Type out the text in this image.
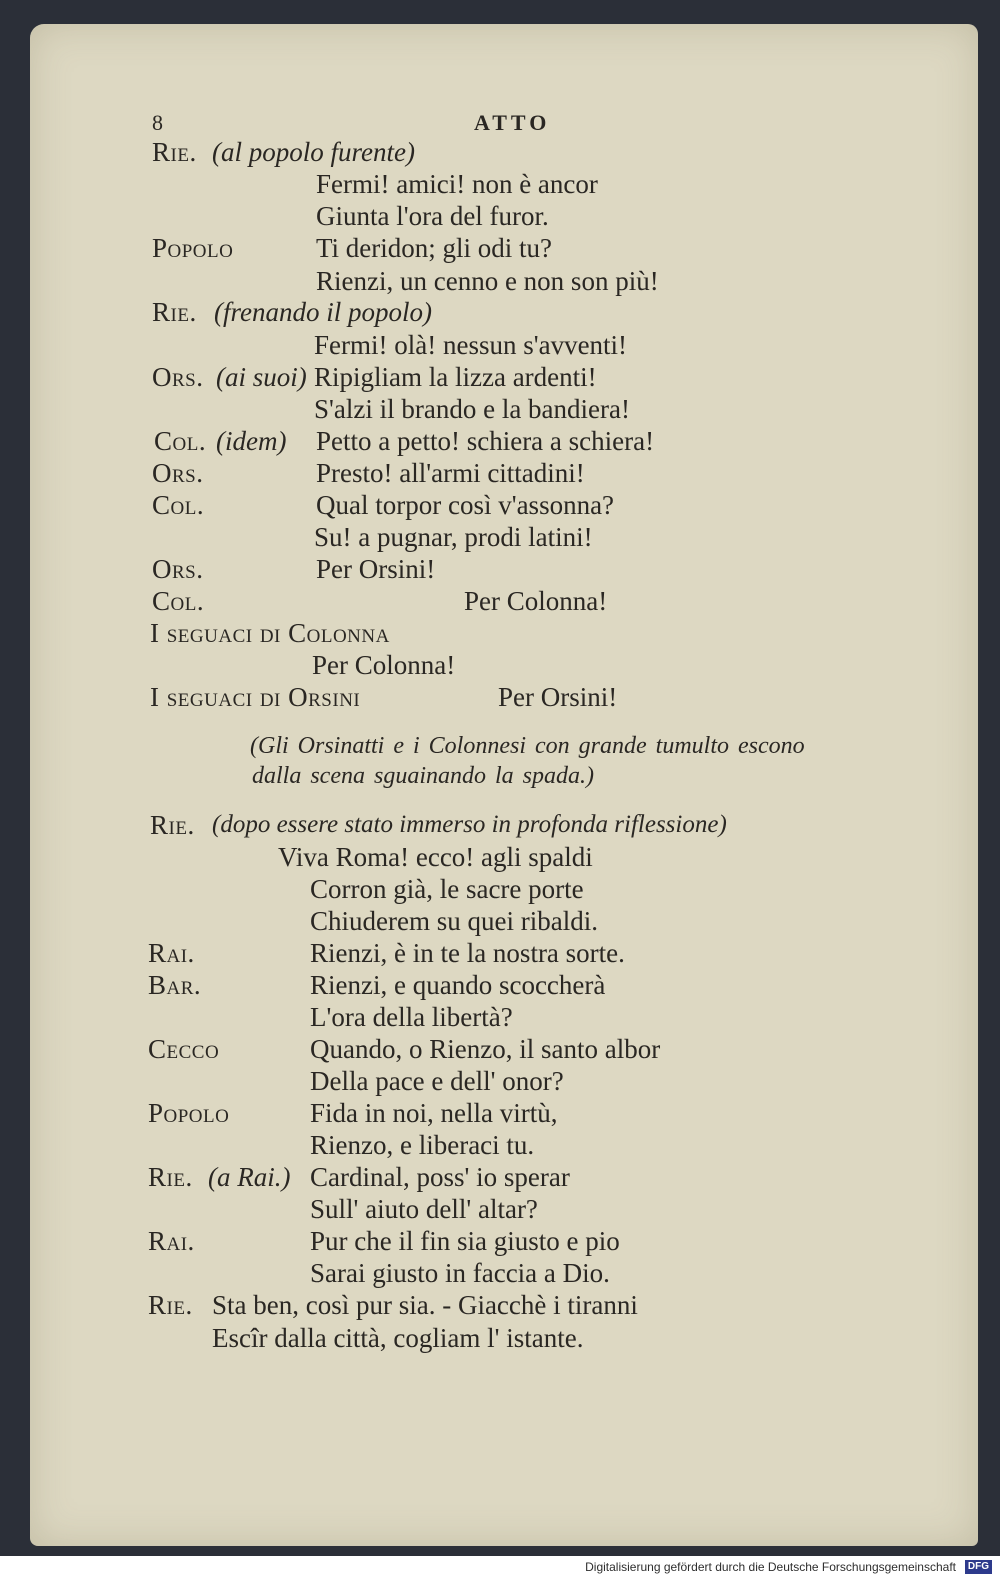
8	ATTO
Rie. (al popolo furente)
Fermi! amici! non è ancor
Giunta l'ora del furor.
Popolo	Ti deridon; gli odi tu?
Rienzi, un cenno e non son più!
Rie. (frenando il popolo)
Fermi! olà! nessun s'avventi!
Ors. (ai suoi) Ripigliam la lizza ardenti!
S'alzi il brando e la bandiera!
Col. (idem) Petto a petto! schiera a schiera!
Ors.	Presto! all'armi cittadini!
Col.	Qual torpor così v'assonna?
Su! a pugnar, prodi latini!
Ors.	Per Orsini!
Col.	Per Colonna!
I seguaci di Colonna
Per Colonna!
I seguaci di Orsini	Per Orsini!
(Gli Orsinatti e i Colonnesi con grande tumulto escono
dalla scena sguainando la spada.)
Rie. (dopo essere stato immerso in profonda riflessione)
Viva Roma! ecco! agli spaldi
Corron già, le sacre porte
Chiuderem su quei ribaldi.
Rai.	Rienzi, è in te la nostra sorte.
Bar.	Rienzi, e quando scoccherà
L'ora della libertà?
Cecco	Quando, o Rienzo, il santo albor
Della pace e dell' onor?
Popolo	Fida in noi, nella virtù,
Rienzo, e liberaci tu.
Rie. (a Rai.) Cardinal, poss' io sperar
Sull' aiuto dell' altar?
Rai.	Pur che il fin sia giusto e pio
Sarai giusto in faccia a Dio.
Rie. Sta ben, così pur sia. - Giacchè i tiranni
Escîr dalla città, cogliam l' istante.
Digitalisierung gefördert durch die Deutsche Forschungsgemeinschaft	DFG
